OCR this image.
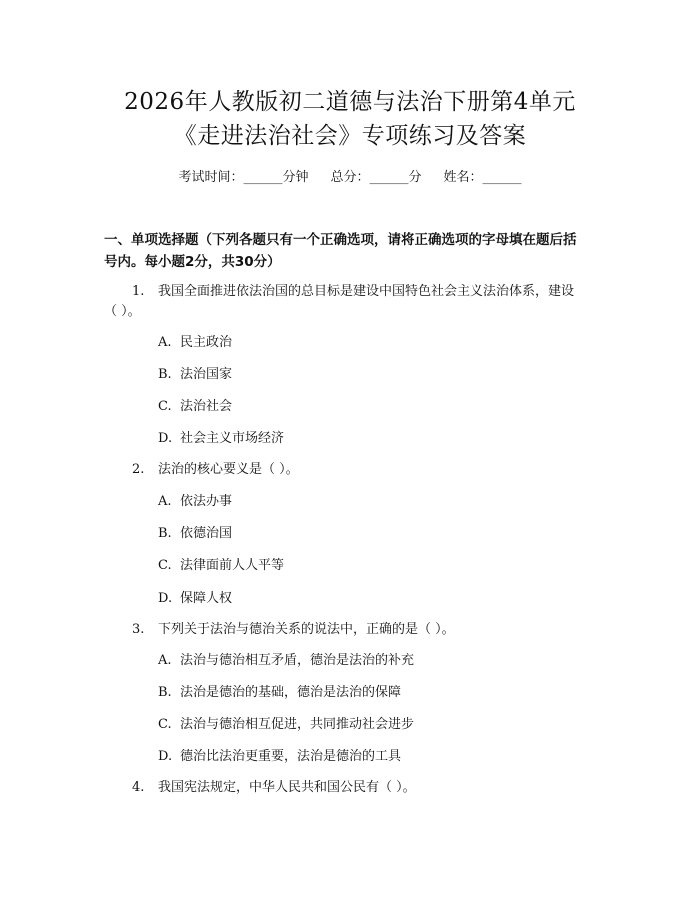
2026年人教版初二道德与法治下册第4单元
《走进法治社会》专项练习及答案
考试时间：______分钟 总分：______分 姓名：______
一、单项选择题（下列各题只有一个正确选项，请将正确选项的字母填在题后括
号内。每小题2分，共30分）
1.	我国全面推进依法治国的总目标是建设中国特色社会主义法治体系，建设
（ ）。
A. 民主政治
B. 法治国家
C. 法治社会
D. 社会主义市场经济
2.	法治的核心要义是（ ）。
A. 依法办事
B. 依德治国
C. 法律面前人人平等
D. 保障人权
3.	下列关于法治与德治关系的说法中，正确的是（ ）。
A. 法治与德治相互矛盾，德治是法治的补充
B. 法治是德治的基础，德治是法治的保障
C. 法治与德治相互促进，共同推动社会进步
D. 德治比法治更重要，法治是德治的工具
4.	我国宪法规定，中华人民共和国公民有（ ）。
